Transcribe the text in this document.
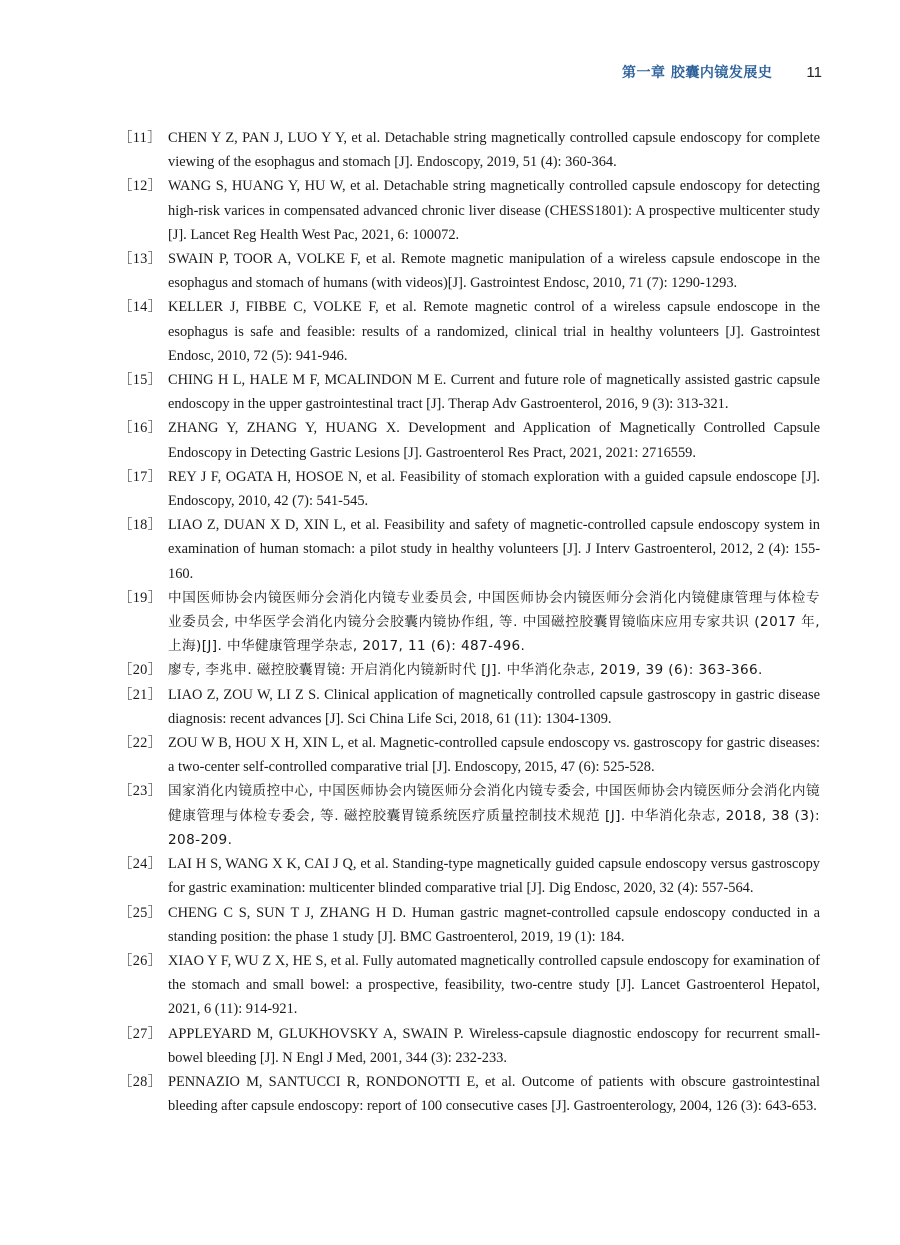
第一章 胶囊内镜发展史 11
［11］ CHEN Y Z, PAN J, LUO Y Y, et al. Detachable string magnetically controlled capsule endoscopy for complete viewing of the esophagus and stomach [J]. Endoscopy, 2019, 51 (4): 360-364.
［12］ WANG S, HUANG Y, HU W, et al. Detachable string magnetically controlled capsule endoscopy for detecting high-risk varices in compensated advanced chronic liver disease (CHESS1801): A prospective multicenter study [J]. Lancet Reg Health West Pac, 2021, 6: 100072.
［13］ SWAIN P, TOOR A, VOLKE F, et al. Remote magnetic manipulation of a wireless capsule endoscope in the esophagus and stomach of humans (with videos)[J]. Gastrointest Endosc, 2010, 71 (7): 1290-1293.
［14］ KELLER J, FIBBE C, VOLKE F, et al. Remote magnetic control of a wireless capsule endoscope in the esophagus is safe and feasible: results of a randomized, clinical trial in healthy volunteers [J]. Gastrointest Endosc, 2010, 72 (5): 941-946.
［15］ CHING H L, HALE M F, MCALINDON M E. Current and future role of magnetically assisted gastric capsule endoscopy in the upper gastrointestinal tract [J]. Therap Adv Gastroenterol, 2016, 9 (3): 313-321.
［16］ ZHANG Y, ZHANG Y, HUANG X. Development and Application of Magnetically Controlled Capsule Endoscopy in Detecting Gastric Lesions [J]. Gastroenterol Res Pract, 2021, 2021: 2716559.
［17］ REY J F, OGATA H, HOSOE N, et al. Feasibility of stomach exploration with a guided capsule endoscope [J]. Endoscopy, 2010, 42 (7): 541-545.
［18］ LIAO Z, DUAN X D, XIN L, et al. Feasibility and safety of magnetic-controlled capsule endoscopy system in examination of human stomach: a pilot study in healthy volunteers [J]. J Interv Gastroenterol, 2012, 2 (4): 155-160.
［19］ 中国医师协会内镜医师分会消化内镜专业委员会, 中国医师协会内镜医师分会消化内镜健康管理与体检专业委员会, 中华医学会消化内镜分会胶囊内镜协作组, 等. 中国磁控胶囊胃镜临床应用专家共识 (2017 年, 上海)[J]. 中华健康管理学杂志, 2017, 11 (6): 487-496.
［20］ 廖专, 李兆申. 磁控胶囊胃镜: 开启消化内镜新时代 [J]. 中华消化杂志, 2019, 39 (6): 363-366.
［21］ LIAO Z, ZOU W, LI Z S. Clinical application of magnetically controlled capsule gastroscopy in gastric disease diagnosis: recent advances [J]. Sci China Life Sci, 2018, 61 (11): 1304-1309.
［22］ ZOU W B, HOU X H, XIN L, et al. Magnetic-controlled capsule endoscopy vs. gastroscopy for gastric diseases: a two-center self-controlled comparative trial [J]. Endoscopy, 2015, 47 (6): 525-528.
［23］ 国家消化内镜质控中心, 中国医师协会内镜医师分会消化内镜专委会, 中国医师协会内镜医师分会消化内镜健康管理与体检专委会, 等. 磁控胶囊胃镜系统医疗质量控制技术规范 [J]. 中华消化杂志, 2018, 38 (3): 208-209.
［24］ LAI H S, WANG X K, CAI J Q, et al. Standing-type magnetically guided capsule endoscopy versus gastroscopy for gastric examination: multicenter blinded comparative trial [J]. Dig Endosc, 2020, 32 (4): 557-564.
［25］ CHENG C S, SUN T J, ZHANG H D. Human gastric magnet-controlled capsule endoscopy conducted in a standing position: the phase 1 study [J]. BMC Gastroenterol, 2019, 19 (1): 184.
［26］ XIAO Y F, WU Z X, HE S, et al. Fully automated magnetically controlled capsule endoscopy for examination of the stomach and small bowel: a prospective, feasibility, two-centre study [J]. Lancet Gastroenterol Hepatol, 2021, 6 (11): 914-921.
［27］ APPLEYARD M, GLUKHOVSKY A, SWAIN P. Wireless-capsule diagnostic endoscopy for recurrent small-bowel bleeding [J]. N Engl J Med, 2001, 344 (3): 232-233.
［28］ PENNAZIO M, SANTUCCI R, RONDONOTTI E, et al. Outcome of patients with obscure gastrointestinal bleeding after capsule endoscopy: report of 100 consecutive cases [J]. Gastroenterology, 2004, 126 (3): 643-653.
